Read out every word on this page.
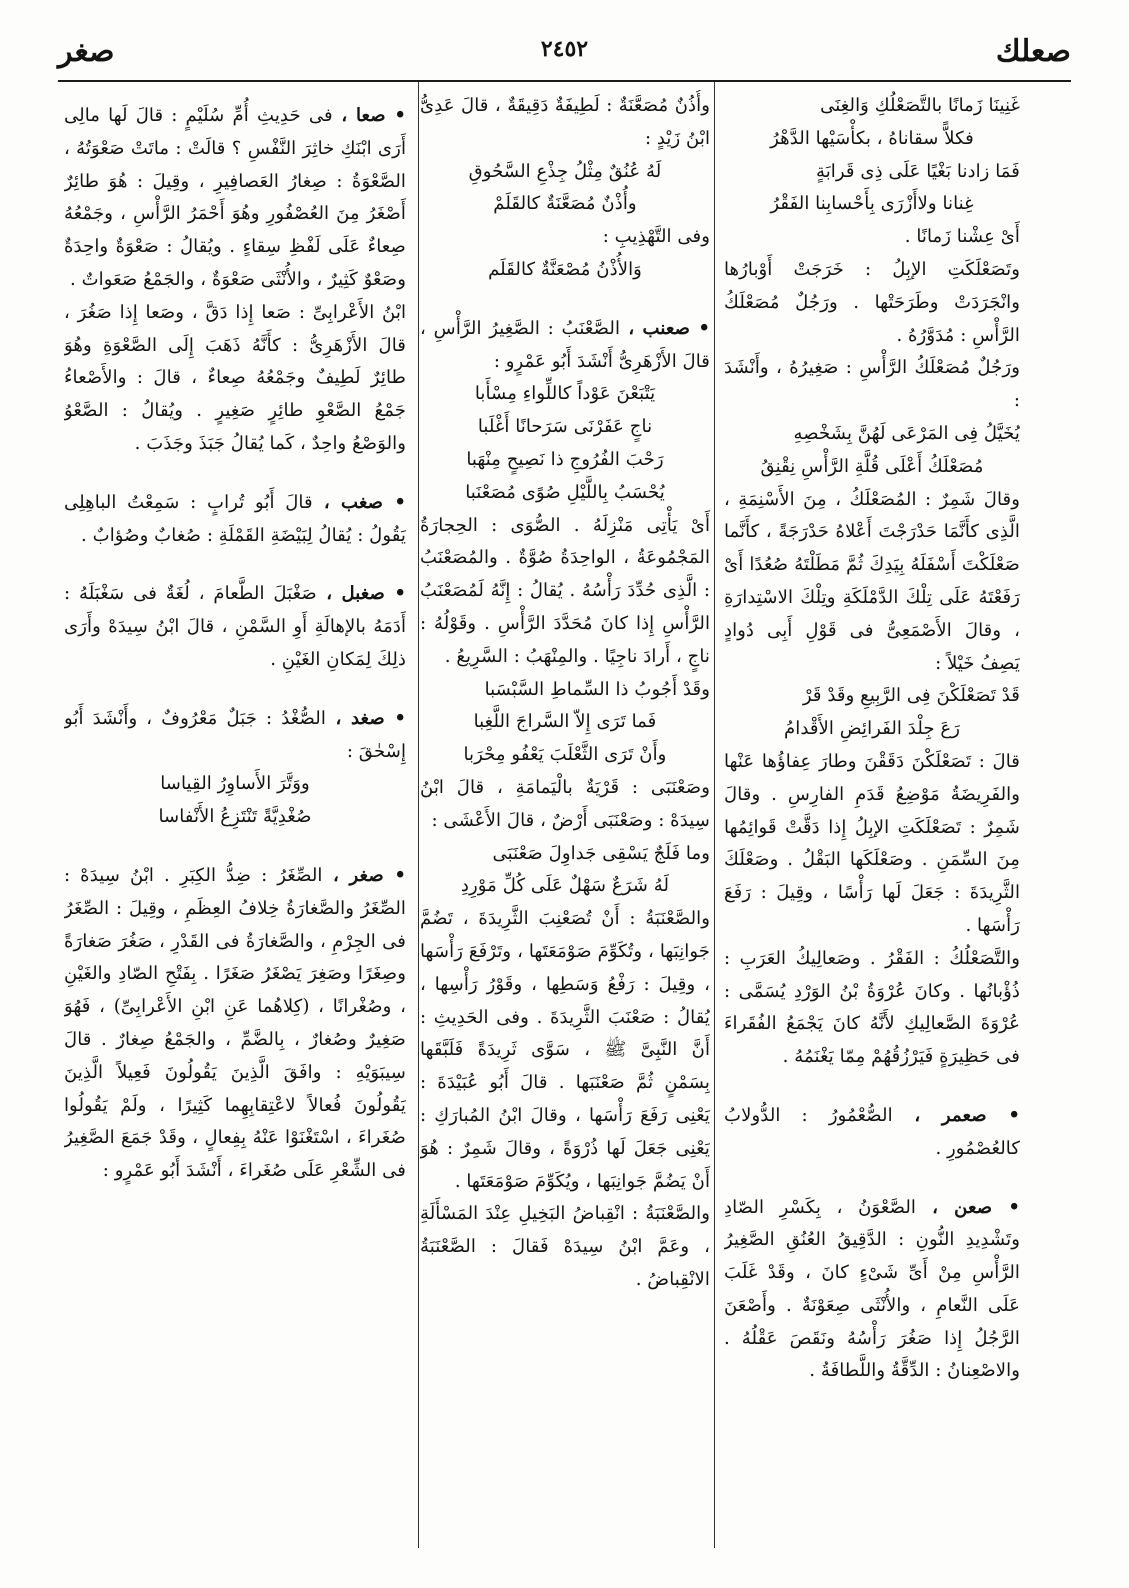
صعلك
٢٤٥٢
صغر

غَنِينَا زَمانًا بالتَّصَعْلُكِ وَالغِنَى

فكلاًّ سقاناهُ ، بكأْسَيْها الدَّهْرُ

فَمَا زادنا بَغْيًا عَلَى ذِى قَرابَةٍ

غِنانا ولاأَزْرَى بِأَحْسابِنا الفَقْرُ

أَىْ عِشْنا زَمانًا .

وتَصَعْلَكَتِ الإبِلُ : خَرَجَتْ أَوْبارُها وانْجَرَدَتْ وطَرَحَتْها . ورَجُلٌ مُصَعْلَكُ الرَّأْسِ : مُدَوَّرُهُ .

ورَجُلٌ مُصَعْلَكُ الرَّأْسِ : صَغِيرُهُ ، وأَنْشَدَ :

يُخَيَّلُ فِى المَرْعَى لَهُنَّ بِشَخْصِهِ

مُصَعْلَكُ أَعْلَى قُلَّةِ الرَّأْسِ نِقْنِقُ

وقالَ شَمِرٌ : المُصَعْلَكُ ، مِنَ الأَسْنِمَةِ ، الَّذِى كأَنَّمَا حَدْرَجْتَ أَعْلاهُ حَدْرَجَةً ، كأَنَّما صَعْلَكْتَ أَسْفَلَهُ بِيَدِكَ ثُمَّ مَطَلْتَهُ صُعُدًا أَىْ رَفَعْتَهُ عَلَى تِلْكَ الدَّمْلَكَةِ وتِلْكَ الاسْتِدارَةِ ، وقالَ الأَصْمَعِىُّ فى قَوْلِ أَبِى دُوادٍ يَصِفُ خَيْلاً :

قَدْ تَصَعْلَكْنَ فِى الرَّبِيعِ وقَدْ قَرْ

رَعَ جِلْدَ الفَرائِضِ الأَقْدامُ

قالَ : تَصَعْلَكْنَ دَقَقْنَ وطارَ عِفاؤُها عَنْها والفَرِيضَةُ مَوْضِعُ قَدَمِ الفارِسِ . وقالَ شَمِرٌ : تَصَعْلَكَتِ الإبِلُ إِذا دَقَّتْ قَوائِمُها مِنَ السِّمَنِ . وصَعْلَكَها البَقْلُ . وصَعْلَكَ الثَّرِيدَةَ : جَعَلَ لَها رَأْسًا ، وقِيلَ : رَفَعَ رَأْسَها .

والتَّصَعْلُكُ : الفَقْرُ . وصَعالِيكُ العَرَبِ : ذُؤْبانُها . وكانَ عُرْوَةُ بْنُ الوَرْدِ يُسَمَّى : عُرْوَةَ الصَّعالِيكِ لأَنَّهُ كانَ يَجْمَعُ الفُقَراءَ فى حَظِيرَةٍ فَيَرْزُقُهُمْ مِمّا يَغْنَمُهُ .

• صعمر ، الصُّعْمُورُ : الدُّولابُ كالعُصْمُورِ .

• صعن ، الصَّعْوَنُ ، بِكَسْرِ الصّادِ وتَشْدِيدِ النُّونِ : الدَّقِيقُ العُنُقِ الصَّغِيرُ الرَّأْسِ مِنْ أَىِّ شَىْءٍ كانَ ، وقَدْ غَلَبَ عَلَى النَّعامِ ، والأُنْثَى صِعَوْنَةٌ . وأَصْعَنَ الرَّجُلُ إِذا صَغُرَ رَأْسُهُ ونَقَصَ عَقْلُهُ . والاصْعِنانُ : الدِّقَّةُ واللَّطافَةُ .

وأُذُنٌ مُصَعَّنَةٌ : لَطِيفَةٌ دَقِيقَةٌ ، قالَ عَدِىُّ ابْنُ زَيْدٍ :

لَهُ عُنُقٌ مِثْلُ جِذْعِ السَّحُوقِ

وأُذْنٌ مُصَعَّنَةٌ كالقَلَمْ

وفى التَّهْذِيبِ :

وَالأُذْنُ مُصْعَنَّةٌ كالقَلَم

• صعنب ، الصَّعْنَبُ : الصَّغِيرُ الرَّأْسِ ، قالَ الأَزْهَرِىُّ أَنْشَدَ أَبُو عَمْرٍو :

يَتْبَعْنَ عَوْداً كاللِّواءِ مِسْأَبا

ناجٍ عَفَرْنَى سَرَحانًا أَغْلَبا

رَحْبَ الفُرُوجِ ذا نَصِيحٍ مِنْهَبا

يُحْسَبُ بِاللَّيْلِ صُوًى مُصَعْنَبا

أَىْ يَأْتِى مَنْزِلَهُ . الصُّوَى : الحِجارَةُ المَجْمُوعَةُ ، الواحِدَةُ صُوَّةٌ . والمُصَعْنَبُ : الَّذِى حُدِّدَ رَأْسُهُ . يُقالُ : إِنَّهُ لَمُصَعْنَبُ الرَّأْسِ إِذا كانَ مُحَدَّدَ الرَّأْسِ . وقَوْلُهُ : ناجٍ ، أَرادَ ناجِيًا . والمِنْهَبُ : السَّرِيعُ .

وقَدْ أَجُوبُ ذا السِّماطِ السَّبْسَبا

فَما تَرَى إِلاّ السَّراجَ اللَّغِبا

وأَنْ تَرَى الثَّعْلَبَ يَعْفُو مِحْرَبا

وصَعْنَبَى : قَرْيَةٌ بالْيَمامَةِ ، قالَ ابْنُ سِيدَهْ : وصَعْنَبَى أَرْضٌ ، قالَ الأَعْشَى :

وما فَلَجٌ يَسْقِى جَداوِلَ صَعْنَبَى

لَهُ شَرَعٌ سَهْلٌ عَلَى كُلِّ مَوْرِدِ

والصَّعْنَبَةُ : أَنْ تُصَعْنِبَ الثَّرِيدَةَ ، تَضُمَّ جَوانِبَها ، وتُكَوِّمَ صَوْمَعَتَها ، وتَرْفَعَ رَأْسَها ، وقِيلَ : رَفْعُ وَسَطِها ، وقَوْرُ رَأْسِها ، يُقالُ : صَعْنَبَ الثَّرِيدَةَ . وفى الحَدِيثِ : أَنَّ النَّبِىَّ ﷺ ، سَوَّى ثَرِيدَةً فَلَبَّقَها بِسَمْنٍ ثُمَّ صَعْنَبَها . قالَ أَبُو عُبَيْدَةَ : يَعْنِى رَفَعَ رَأْسَها ، وقالَ ابْنُ المُبارَكِ : يَعْنِى جَعَلَ لَها ذُرْوَةً ، وقالَ شَمِرٌ : هُوَ أَنْ يَضُمَّ جَوانِبَها ، ويُكَوِّمَ صَوْمَعَتَها .

والصَّعْنَبَةُ : انْقِباضُ البَخِيلِ عِنْدَ المَسْأَلَةِ ، وعَمَّ ابْنُ سِيدَهْ فَقالَ : الصَّعْنَبَةُ الانْقِباضُ .

• صعا ، فى حَدِيثِ أُمِّ سُلَيْمٍ : قالَ لَها مالِى أَرَى ابْنَكِ خاثِرَ النَّفْسِ ؟ قالَتْ : ماتَتْ صَعْوَتُهُ ، الصَّعْوَةُ : صِغارُ العَصافِيرِ ، وقِيلَ : هُوَ طائِرٌ أَصْغَرُ مِنَ العُصْفُورِ وهُوَ أَحْمَرُ الرَّأْسِ ، وجَمْعُهُ صِعاءٌ عَلَى لَفْظِ سِقاءٍ . ويُقالُ : صَعْوَةٌ واحِدَةٌ وصَعْوٌ كَثِيرٌ ، والأُنْثَى صَعْوَةٌ ، والجَمْعُ صَعَواتٌ .

ابْنُ الأَعْرابِىِّ : صَعا إِذا دَقَّ ، وصَعا إِذا صَغُرَ ، قالَ الأَزْهَرِىُّ : كأَنَّهُ ذَهَبَ إِلَى الصَّعْوَةِ وهُوَ طائِرٌ لَطِيفٌ وجَمْعُهُ صِعاءٌ ، قالَ : والأَصْعاءُ جَمْعُ الصَّعْوِ طائِرٍ صَغِيرٍ . ويُقالُ : الصَّعْوُ والوَصْعُ واحِدٌ ، كَما يُقالُ جَبَذَ وجَذَبَ .

• صغب ، قالَ أَبُو تُرابٍ : سَمِعْتُ الباهِلِى يَقُولُ : يُقالُ لِبَيْضَةِ القَمْلَةِ : صُغابٌ وصُؤابٌ .

• صغبل ، صَغْبَلَ الطَّعامَ ، لُغَةٌ فى سَغْبَلَهُ : أَدَمَهُ بالإهالَةِ أَوِ السَّمْنِ ، قالَ ابْنُ سِيدَهْ وأَرَى ذلِكَ لِمَكانِ الغَيْنِ .

• صغد ، الصُّغْدُ : جَبَلٌ مَعْرُوفٌ ، وأَنْشَدَ أَبُو إِسْحٰقَ :

ووَتَّرَ الأَساوِرُ القِياسا

صُغْدِيَّةً تَنْتَزِعُ الأَنْفاسا

• صغر ، الصِّغَرُ : ضِدُّ الكِبَرِ . ابْنُ سِيدَهْ : الصِّغَرُ والصَّغارَةُ خِلافُ العِظَمِ ، وقِيلَ : الصِّغَرُ فى الجِرْمِ ، والصَّغارَةُ فى القَدْرِ ، صَغُرَ صَغارَةً وصِغَرًا وصَغِرَ يَصْغَرُ صَغَرًا . بِفَتْحِ الصّادِ والغَيْنِ ، وصُغْرانًا ، (كِلاهُما عَنِ ابْنِ الأَعْرابِىِّ) ، فَهُوَ صَغِيرٌ وصُغارٌ ، بِالضَّمِّ ، والجَمْعُ صِغارٌ . قالَ سِيبَوَيْهِ : وافَقَ الَّذِينَ يَقُولُونَ فَعِيلاً الَّذِينَ يَقُولُونَ فُعالاً لاعْتِقابِهِما كَثِيرًا ، ولَمْ يَقُولُوا صُغَراءَ ، اسْتَغْنَوْا عَنْهُ بِفِعالٍ ، وقَدْ جَمَعَ الصَّغِيرُ فى الشِّعْرِ عَلَى صُغَراءَ ، أَنْشَدَ أَبُو عَمْرٍو :
